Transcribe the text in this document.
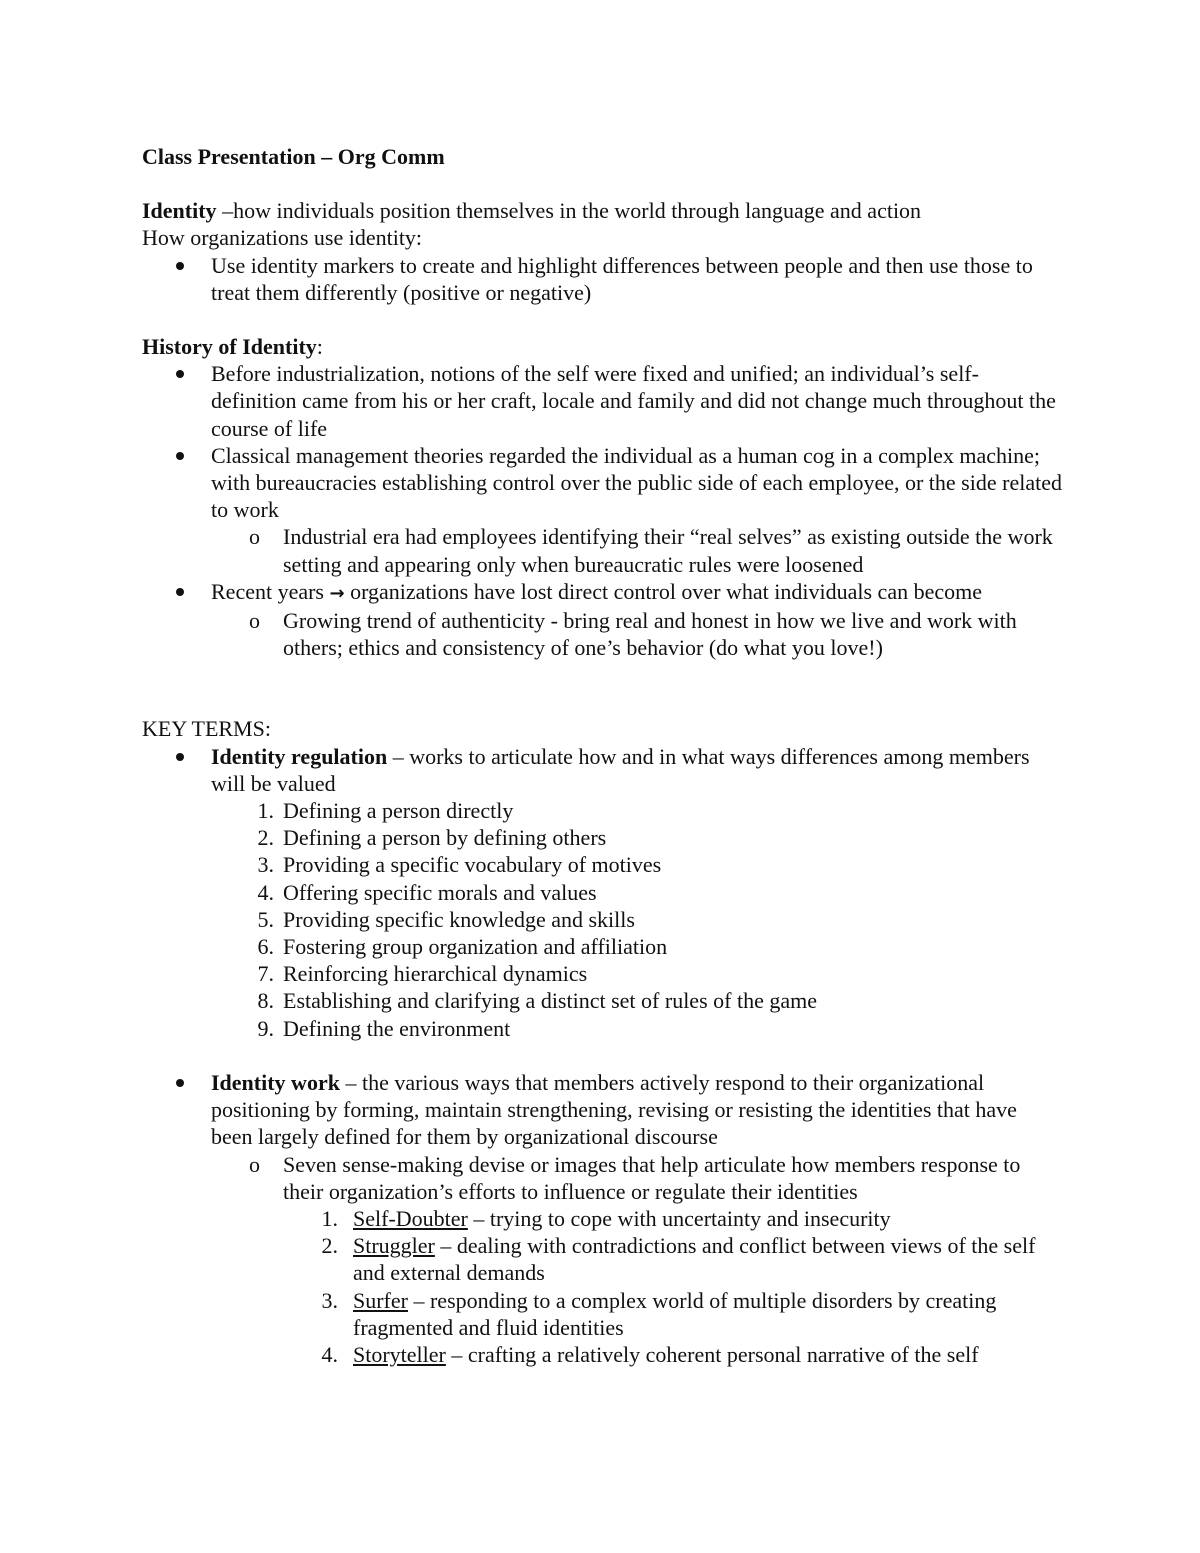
Class Presentation – Org Comm

Identity –how individuals position themselves in the world through language and action

How organizations use identity:

Use identity markers to create and highlight differences between people and then use those to treat them differently (positive or negative)

History of Identity:

Before industrialization, notions of the self were fixed and unified; an individual’s self-definition came from his or her craft, locale and family and did not change much throughout the course of life
Classical management theories regarded the individual as a human cog in a complex machine; with bureaucracies establishing control over the public side of each employee, or the side related to work
o Industrial era had employees identifying their “real selves” as existing outside the work setting and appearing only when bureaucratic rules were loosened
Recent years → organizations have lost direct control over what individuals can become
o Growing trend of authenticity - bring real and honest in how we live and work with others; ethics and consistency of one’s behavior (do what you love!)

KEY TERMS:

Identity regulation – works to articulate how and in what ways differences among members will be valued
1. Defining a person directly
2. Defining a person by defining others
3. Providing a specific vocabulary of motives
4. Offering specific morals and values
5. Providing specific knowledge and skills
6. Fostering group organization and affiliation
7. Reinforcing hierarchical dynamics
8. Establishing and clarifying a distinct set of rules of the game
9. Defining the environment
Identity work – the various ways that members actively respond to their organizational positioning by forming, maintain strengthening, revising or resisting the identities that have been largely defined for them by organizational discourse
o Seven sense-making devise or images that help articulate how members response to their organization’s efforts to influence or regulate their identities
1. Self-Doubter – trying to cope with uncertainty and insecurity
2. Struggler – dealing with contradictions and conflict between views of the self and external demands
3. Surfer – responding to a complex world of multiple disorders by creating fragmented and fluid identities
4. Storyteller – crafting a relatively coherent personal narrative of the self
